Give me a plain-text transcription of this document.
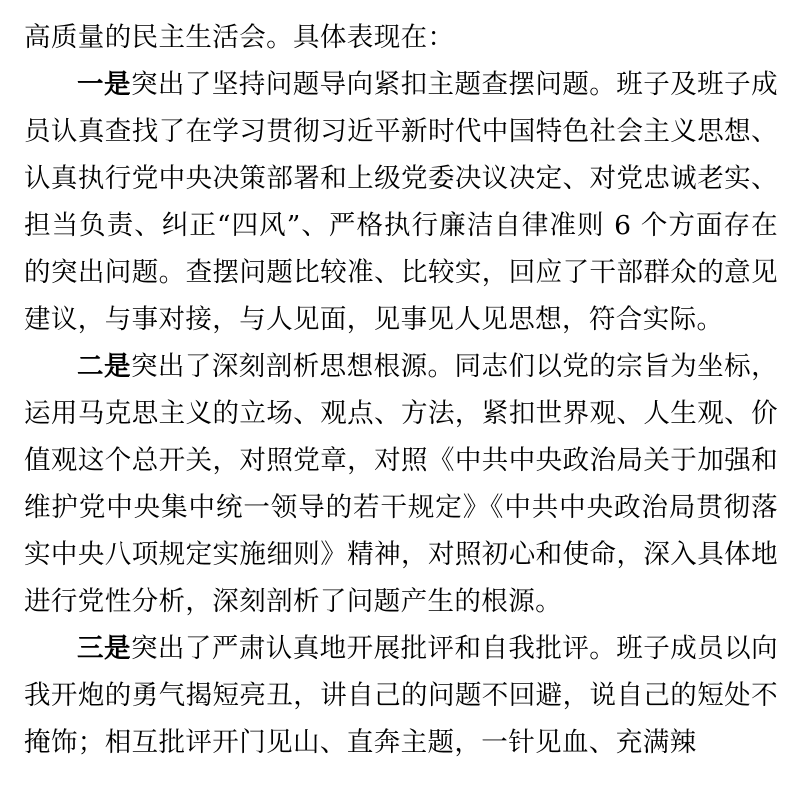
高质量的民主生活会。具体表现在：

一是突出了坚持问题导向紧扣主题查摆问题。班子及班子成员认真查找了在学习贯彻习近平新时代中国特色社会主义思想、认真执行党中央决策部署和上级党委决议决定、对党忠诚老实、担当负责、纠正“四风”、严格执行廉洁自律准则 6 个方面存在的突出问题。查摆问题比较准、比较实，回应了干部群众的意见建议，与事对接，与人见面，见事见人见思想，符合实际。

二是突出了深刻剖析思想根源。同志们以党的宗旨为坐标，运用马克思主义的立场、观点、方法，紧扣世界观、人生观、价值观这个总开关，对照党章，对照《中共中央政治局关于加强和维护党中央集中统一领导的若干规定》《中共中央政治局贯彻落实中央八项规定实施细则》精神，对照初心和使命，深入具体地进行党性分析，深刻剖析了问题产生的根源。

三是突出了严肃认真地开展批评和自我批评。班子成员以向我开炮的勇气揭短亮丑，讲自己的问题不回避，说自己的短处不掩饰；相互批评开门见山、直奔主题，一针见血、充满辣
